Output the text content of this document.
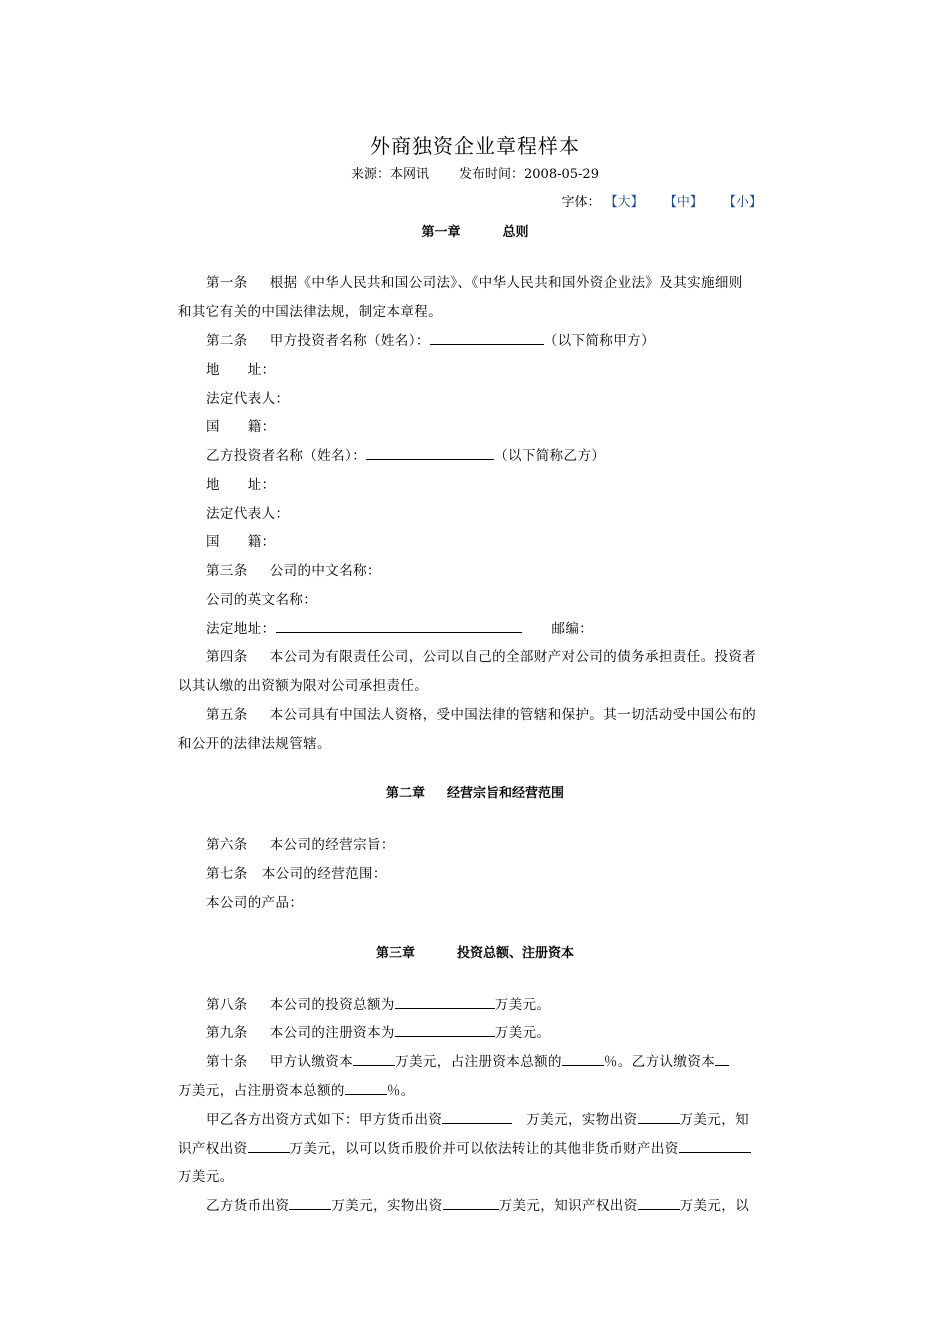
外商独资企业章程样本
来源：本网讯 发布时间：2008-05-29
字体： 【大】 【中】 【小】
第一章	总则
第一条 根据《中华人民共和国公司法》、《中华人民共和国外资企业法》及其实施细则
和其它有关的中国法律法规，制定本章程。
第二条 甲方投资者名称（姓名）：	（以下简称甲方）
地　　址：
法定代表人：
国　　籍：
乙方投资者名称（姓名）：	（以下简称乙方）
地　　址：
法定代表人：
国　　籍：
第三条 公司的中文名称：
公司的英文名称：
法定地址：	邮编：
第四条 本公司为有限责任公司，公司以自己的全部财产对公司的债务承担责任。投资者
以其认缴的出资额为限对公司承担责任。
第五条 本公司具有中国法人资格，受中国法律的管辖和保护。其一切活动受中国公布的
和公开的法律法规管辖。
第二章 经营宗旨和经营范围
第六条 本公司的经营宗旨：
第七条 本公司的经营范围：
本公司的产品：
第三章	投资总额、注册资本
第八条 本公司的投资总额为	万美元。
第九条 本公司的注册资本为	万美元。
第十条 甲方认缴资本	万美元，占注册资本总额的	％。乙方认缴资本
万美元，占注册资本总额的	％。
甲乙各方出资方式如下：甲方货币出资	万美元，实物出资	万美元，知
识产权出资	万美元，以可以货币股价并可以依法转让的其他非货币财产出资
万美元。
乙方货币出资	万美元，实物出资	万美元，知识产权出资	万美元，以
